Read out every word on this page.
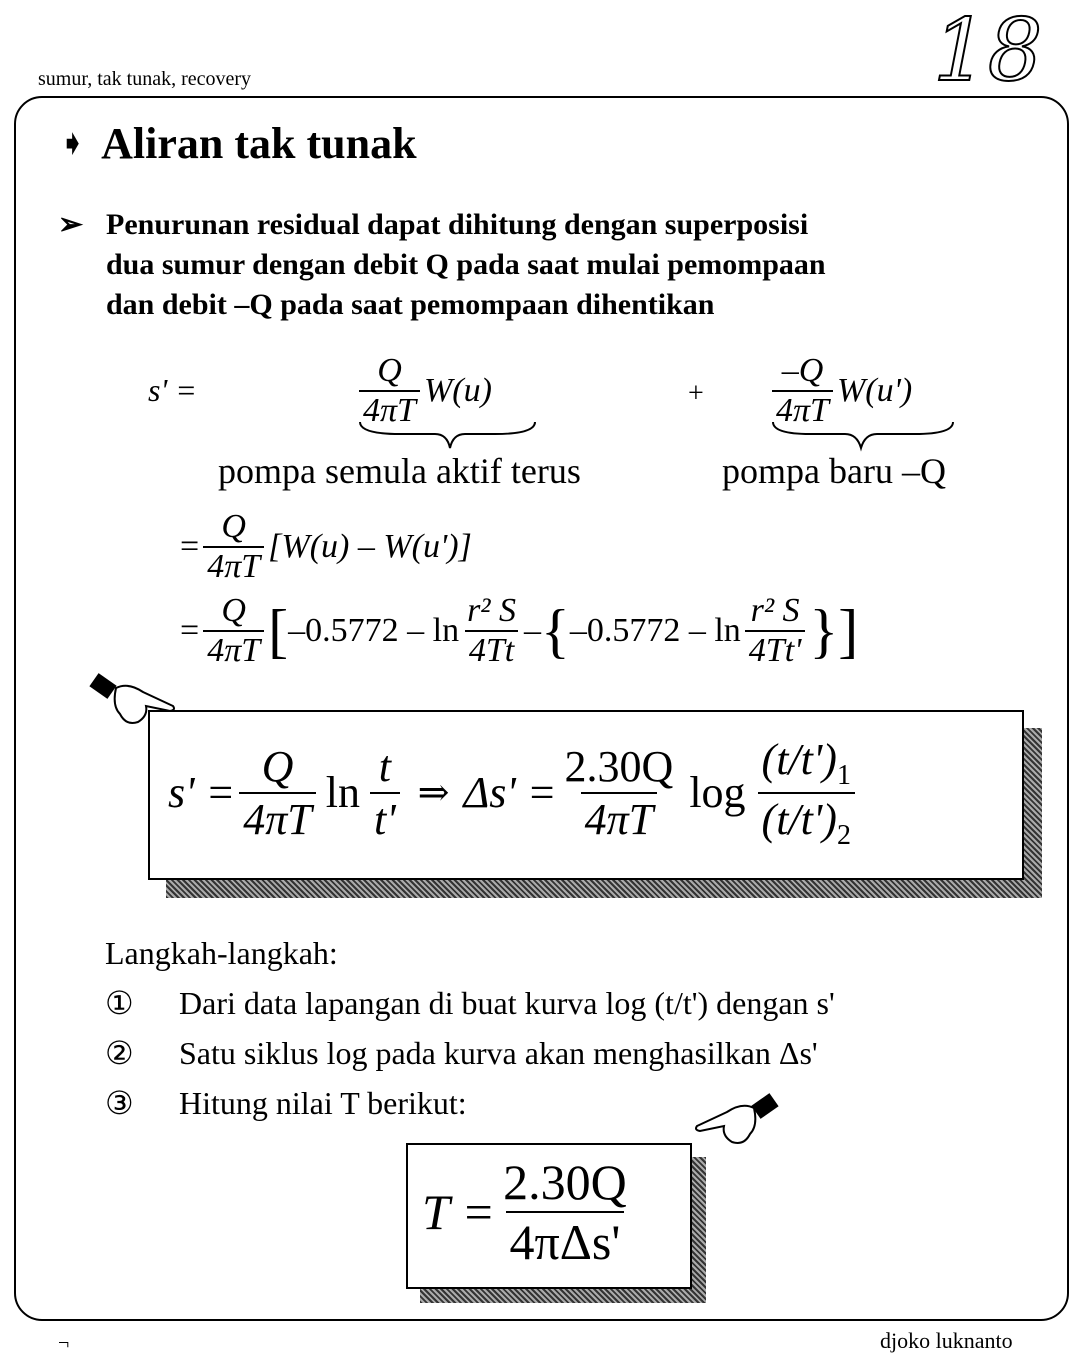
sumur, tak tunak, recovery	18
➧ Aliran tak tunak
➢ Penurunan residual dapat dihitung dengan superposisi
dua sumur dengan debit Q pada saat mulai pemompaan
dan debit –Q pada saat pemompaan dihentikan
s' =	$\frac{Q}{4\pi T} W(u)$	+ $\frac{-Q}{4\pi T} W(u')$
pompa semula aktif terus	pompa baru –Q
= $\frac{Q}{4\pi T} [W(u) - W(u')]$
= $\frac{Q}{4\pi T}$ [ $-0.5772 - \ln \frac{\text{r² S}}{4Tt}$ – { $-0.5772 - \ln \frac{\text{r² S}}{4Tt'}$ }]
$s' = \frac{Q}{4\pi T}$ $\ln \frac{t}{t'}$ ⇒ $\Delta s' = \frac{2.30Q}{4\pi T}$ $\log \frac{(t/t')_1}{(t/t')_2}$
Langkah-langkah:
①	Dari data lapangan di buat kurva log (t/t') dengan s'
②	Satu siklus log pada kurva akan menghasilkan Δs'
③	Hitung nilai T berikut:
$T = \frac{2.30Q}{\text{4πΔs'}}$
¬	djoko luknanto
